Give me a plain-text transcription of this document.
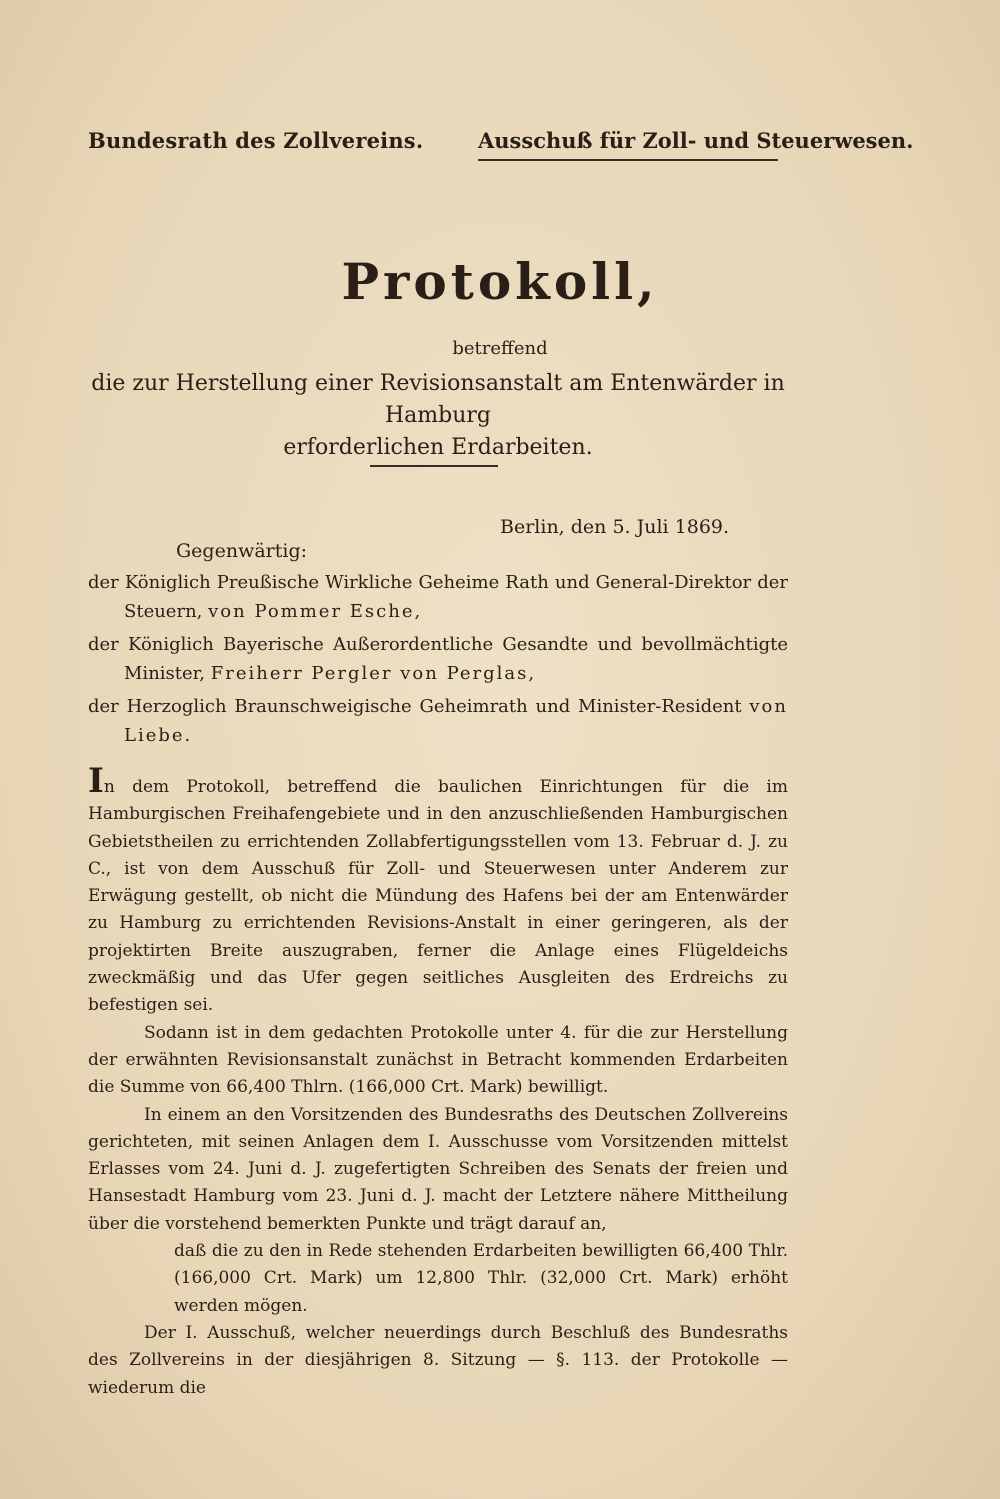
Bundesrath des Zollvereins.	Ausschuß für Zoll- und Steuerwesen.
Protokoll,
betreffend
die zur Herstellung einer Revisionsanstalt am Entenwärder in Hamburg
erforderlichen Erdarbeiten.
Berlin, den 5. Juli 1869.
Gegenwärtig:
der Königlich Preußische Wirkliche Geheime Rath und General-Direktor der Steuern, von Pommer Esche,
der Königlich Bayerische Außerordentliche Gesandte und bevollmächtigte Minister, Freiherr Pergler von Perglas,
der Herzoglich Braunschweigische Geheimrath und Minister-Resident von Liebe.

In dem Protokoll, betreffend die baulichen Einrichtungen für die im Hamburgischen Freihafengebiete und in den anzuschließenden Hamburgischen Gebietstheilen zu errichtenden Zollabfertigungsstellen vom 13. Februar d. J. zu C., ist von dem Ausschuß für Zoll- und Steuerwesen unter Anderem zur Erwägung gestellt, ob nicht die Mündung des Hafens bei der am Entenwärder zu Hamburg zu errichtenden Revisions-Anstalt in einer geringeren, als der projektirten Breite auszugraben, ferner die Anlage eines Flügeldeichs zweckmäßig und das Ufer gegen seitliches Ausgleiten des Erdreichs zu befestigen sei.

Sodann ist in dem gedachten Protokolle unter 4. für die zur Herstellung der erwähnten Revisionsanstalt zunächst in Betracht kommenden Erdarbeiten die Summe von 66,400 Thlrn. (166,000 Crt. Mark) bewilligt.

In einem an den Vorsitzenden des Bundesraths des Deutschen Zollvereins gerichteten, mit seinen Anlagen dem I. Ausschusse vom Vorsitzenden mittelst Erlasses vom 24. Juni d. J. zugefertigten Schreiben des Senats der freien und Hansestadt Hamburg vom 23. Juni d. J. macht der Letztere nähere Mittheilung über die vorstehend bemerkten Punkte und trägt darauf an,

daß die zu den in Rede stehenden Erdarbeiten bewilligten 66,400 Thlr. (166,000 Crt. Mark) um 12,800 Thlr. (32,000 Crt. Mark) erhöht werden mögen.

Der I. Ausschuß, welcher neuerdings durch Beschluß des Bundesraths des Zollvereins in der diesjährigen 8. Sitzung — §. 113. der Protokolle — wiederum die
